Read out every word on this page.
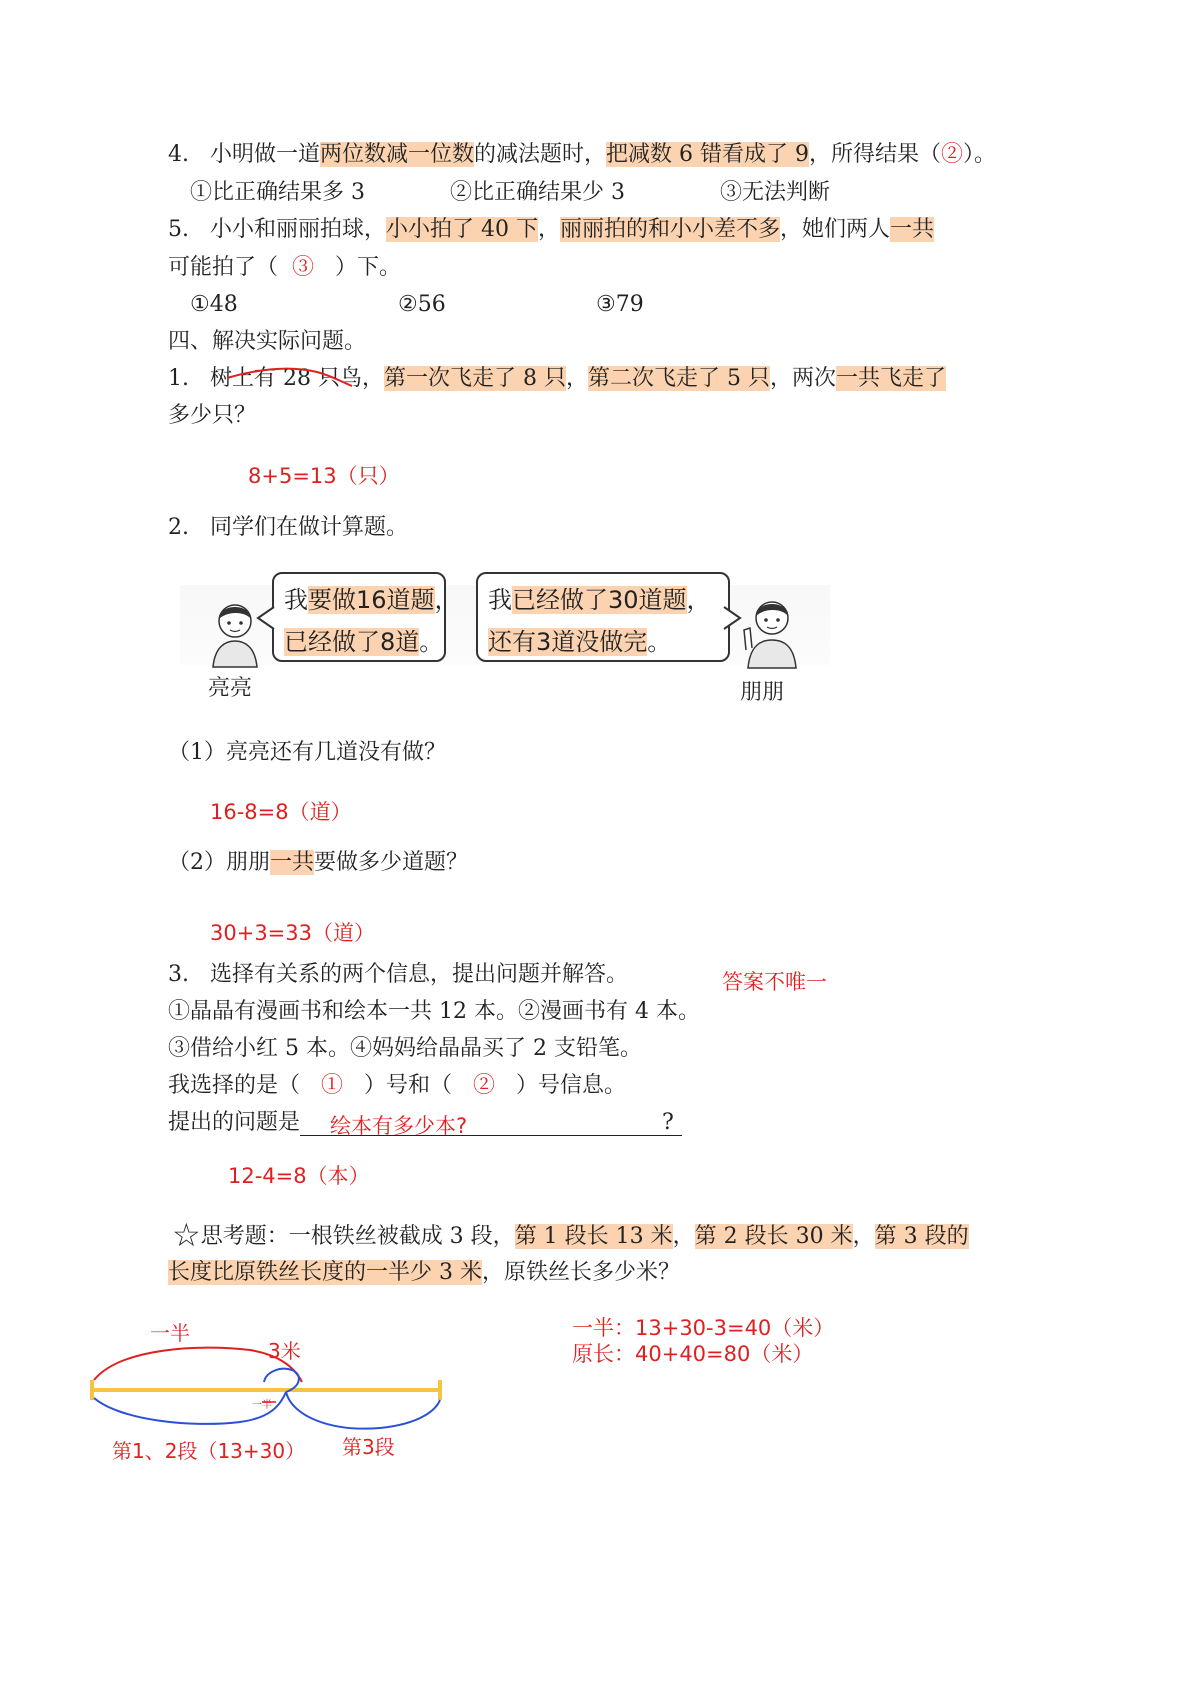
4. 小明做一道两位数减一位数的减法题时，把减数 6 错看成了 9，所得结果（②）。
①比正确结果多 3	②比正确结果少 3	③无法判断
5. 小小和丽丽拍球，小小拍了 40 下，丽丽拍的和小小差不多，她们两人一共
可能拍了（ ③ ）下。
①48	②56	③79
四、解决实际问题。
1. 树上有 28 只鸟，第一次飞走了 8 只，第二次飞走了 5 只，两次一共飞走了
多少只？
8+5=13（只）
2. 同学们在做计算题。
亮亮
我要做16道题，
已经做了8道。
我已经做了30道题，
还有3道没做完。
朋朋
（1）亮亮还有几道没有做？
16-8=8（道）
（2）朋朋一共要做多少道题？
30+3=33（道）
3. 选择有关系的两个信息，提出问题并解答。	答案不唯一
①晶晶有漫画书和绘本一共 12 本。②漫画书有 4 本。
③借给小红 5 本。④妈妈给晶晶买了 2 支铅笔。
我选择的是（ ① ）号和（ ② ）号信息。
提出的问题是 绘本有多少本?	?
12-4=8（本）
☆思考题：一根铁丝被截成 3 段，第 1 段长 13 米，第 2 段长 30 米，第 3 段的
长度比原铁丝长度的一半少 3 米，原铁丝长多少米？
一半：13+30-3=40（米）
原长：40+40=80（米）
一半
3米
一半
第1、2段（13+30） 第3段
